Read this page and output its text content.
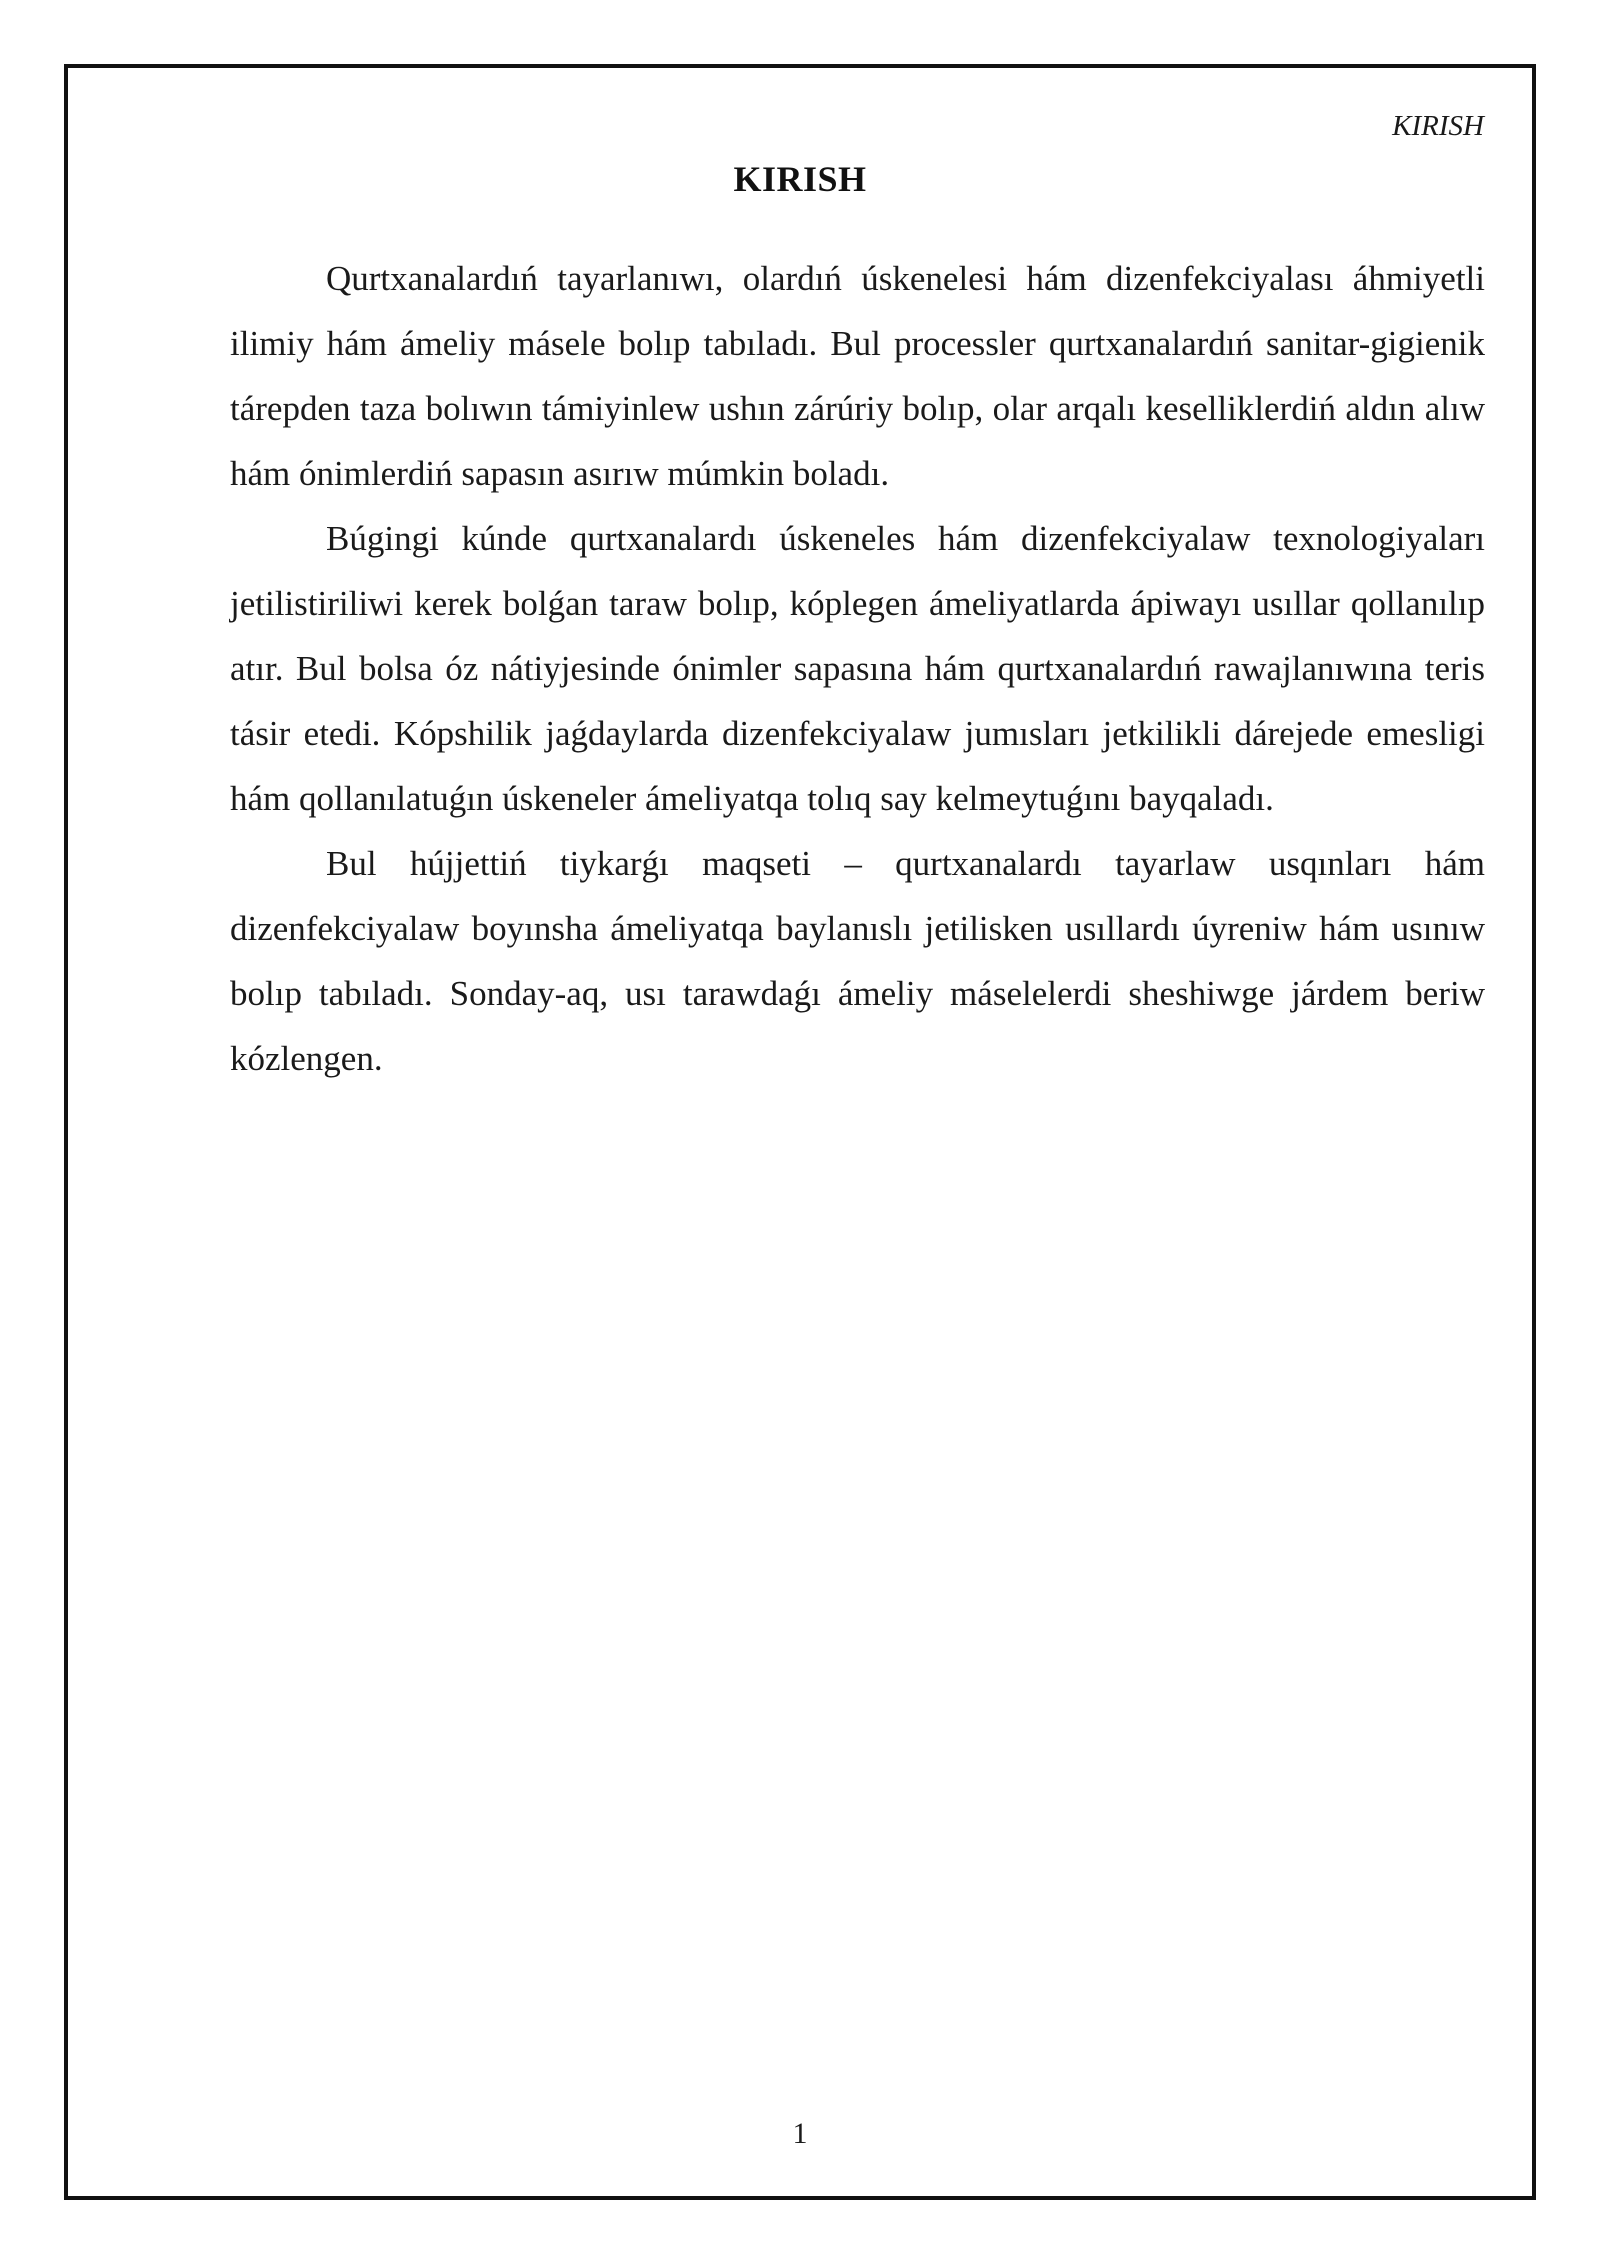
KIRISH
KIRISH

Qurtxanalardıń tayarlanıwı, olardıń úskenelesi hám dizenfekciyalası áhmiyetli ilimiy hám ámeliy másele bolıp tabıladı. Bul processler qurtxanalardıń sanitar-gigienik tárepden taza bolıwın támiyinlew ushın zárúriy bolıp, olar arqalı keselliklerdiń aldın alıw hám ónimlerdiń sapasın asırıw múmkin boladı.

Búgingi kúnde qurtxanalardı úskeneles hám dizenfekciyalaw texnologiyaları jetilistiriliwi kerek bolǵan taraw bolıp, kóplegen ámeliyatlarda ápiwayı usıllar qollanılıp atır. Bul bolsa óz nátiyjesinde ónimler sapasına hám qurtxanalardıń rawajlanıwına teris tásir etedi. Kópshilik jaǵdaylarda dizenfekciyalaw jumısları jetkilikli dárejede emesligi hám qollanılatuǵın úskeneler ámeliyatqa tolıq say kelmeytuǵını bayqaladı.

Bul hújjettiń tiykarǵı maqseti – qurtxanalardı tayarlaw usqınları hám dizenfekciyalaw boyınsha ámeliyatqa baylanıslı jetilisken usıllardı úyreniw hám usınıw bolıp tabıladı. Sonday-aq, usı tarawdaǵı ámeliy máselelerdi sheshiwge járdem beriw kózlengen.

1
